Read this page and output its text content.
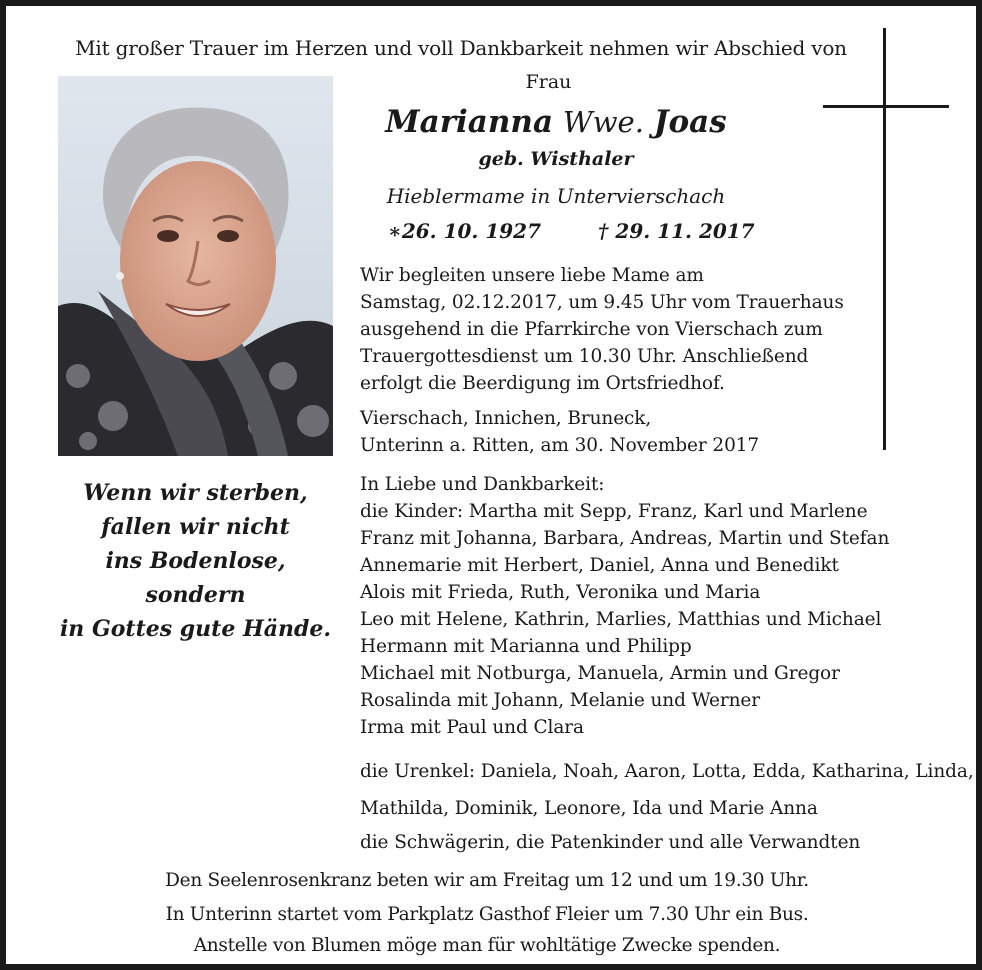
Mit großer Trauer im Herzen und voll Dankbarkeit nehmen wir Abschied von

Frau

Marianna Wwe. Joas

geb. Wisthaler

Hieblermame in Untervierschach

∗26. 10. 1927	† 29. 11. 2017
Wenn wir sterben,
fallen wir nicht
ins Bodenlose,
sondern
in Gottes gute Hände.
Wir begleiten unsere liebe Mame am
Samstag, 02.12.2017, um 9.45 Uhr vom Trauerhaus
ausgehend in die Pfarrkirche von Vierschach zum
Trauergottesdienst um 10.30 Uhr. Anschließend
erfolgt die Beerdigung im Ortsfriedhof.
Vierschach, Innichen, Bruneck,
Unterinn a. Ritten, am 30. November 2017
In Liebe und Dankbarkeit:
die Kinder: Martha mit Sepp, Franz, Karl und Marlene
Franz mit Johanna, Barbara, Andreas, Martin und Stefan
Annemarie mit Herbert, Daniel, Anna und Benedikt
Alois mit Frieda, Ruth, Veronika und Maria
Leo mit Helene, Kathrin, Marlies, Matthias und Michael
Hermann mit Marianna und Philipp
Michael mit Notburga, Manuela, Armin und Gregor
Rosalinda mit Johann, Melanie und Werner
Irma mit Paul und Clara
die Urenkel: Daniela, Noah, Aaron, Lotta, Edda, Katharina, Linda,
Mathilda, Dominik, Leonore, Ida und Marie Anna
die Schwägerin, die Patenkinder und alle Verwandten

Den Seelenrosenkranz beten wir am Freitag um 12 und um 19.30 Uhr.

In Unterinn startet vom Parkplatz Gasthof Fleier um 7.30 Uhr ein Bus.

Anstelle von Blumen möge man für wohltätige Zwecke spenden.
